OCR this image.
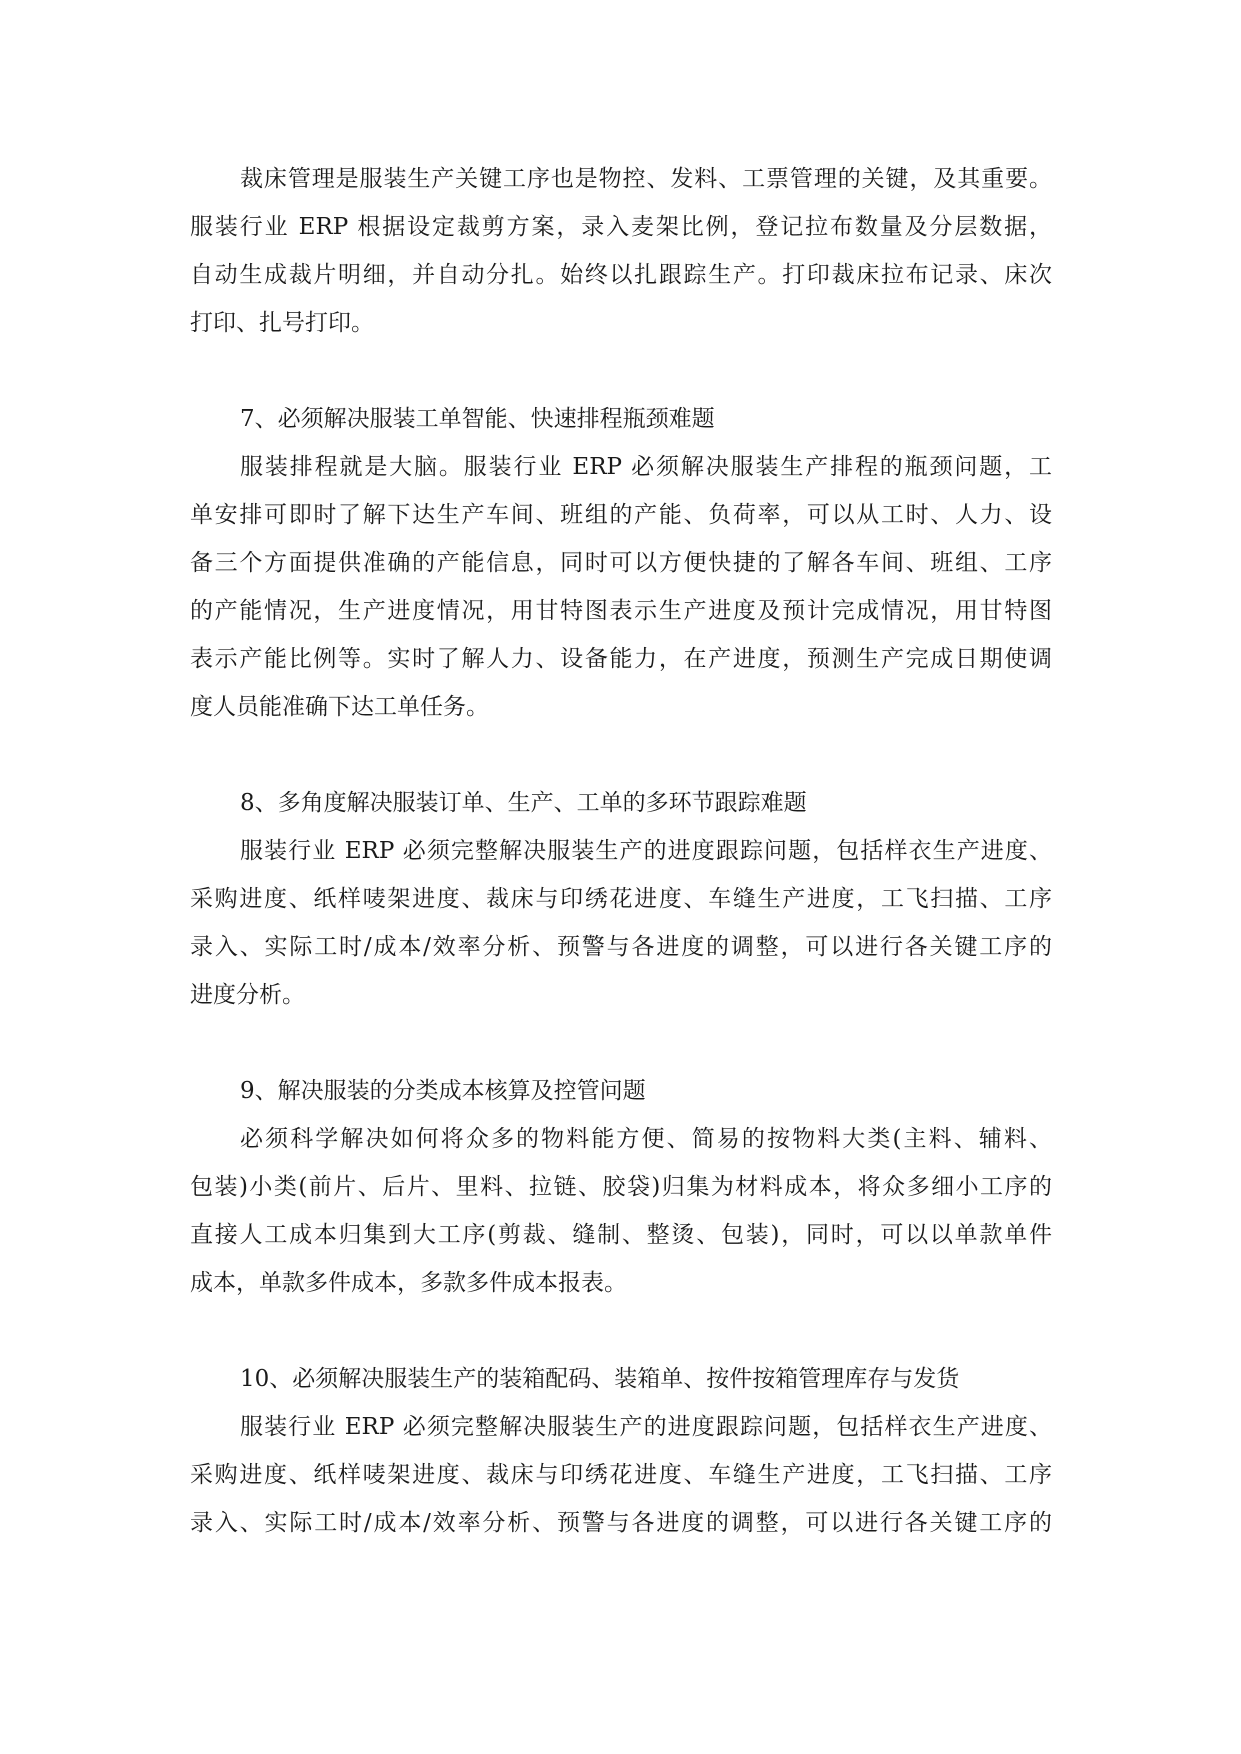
裁床管理是服装生产关键工序也是物控、发料、工票管理的关键，及其重要。
服装行业 ERP 根据设定裁剪方案，录入麦架比例，登记拉布数量及分层数据，
自动生成裁片明细，并自动分扎。始终以扎跟踪生产。打印裁床拉布记录、床次
打印、扎号打印。
7、必须解决服装工单智能、快速排程瓶颈难题
服装排程就是大脑。服装行业 ERP 必须解决服装生产排程的瓶颈问题，工
单安排可即时了解下达生产车间、班组的产能、负荷率，可以从工时、人力、设
备三个方面提供准确的产能信息，同时可以方便快捷的了解各车间、班组、工序
的产能情况，生产进度情况，用甘特图表示生产进度及预计完成情况，用甘特图
表示产能比例等。实时了解人力、设备能力，在产进度，预测生产完成日期使调
度人员能准确下达工单任务。
8、多角度解决服装订单、生产、工单的多环节跟踪难题
服装行业 ERP 必须完整解决服装生产的进度跟踪问题，包括样衣生产进度、
采购进度、纸样唛架进度、裁床与印绣花进度、车缝生产进度，工飞扫描、工序
录入、实际工时/成本/效率分析、预警与各进度的调整，可以进行各关键工序的
进度分析。
9、解决服装的分类成本核算及控管问题
必须科学解决如何将众多的物料能方便、简易的按物料大类(主料、辅料、
包装)小类(前片、后片、里料、拉链、胶袋)归集为材料成本，将众多细小工序的
直接人工成本归集到大工序(剪裁、缝制、整烫、包装)，同时，可以以单款单件
成本，单款多件成本，多款多件成本报表。
10、必须解决服装生产的装箱配码、装箱单、按件按箱管理库存与发货
服装行业 ERP 必须完整解决服装生产的进度跟踪问题，包括样衣生产进度、
采购进度、纸样唛架进度、裁床与印绣花进度、车缝生产进度，工飞扫描、工序
录入、实际工时/成本/效率分析、预警与各进度的调整，可以进行各关键工序的
